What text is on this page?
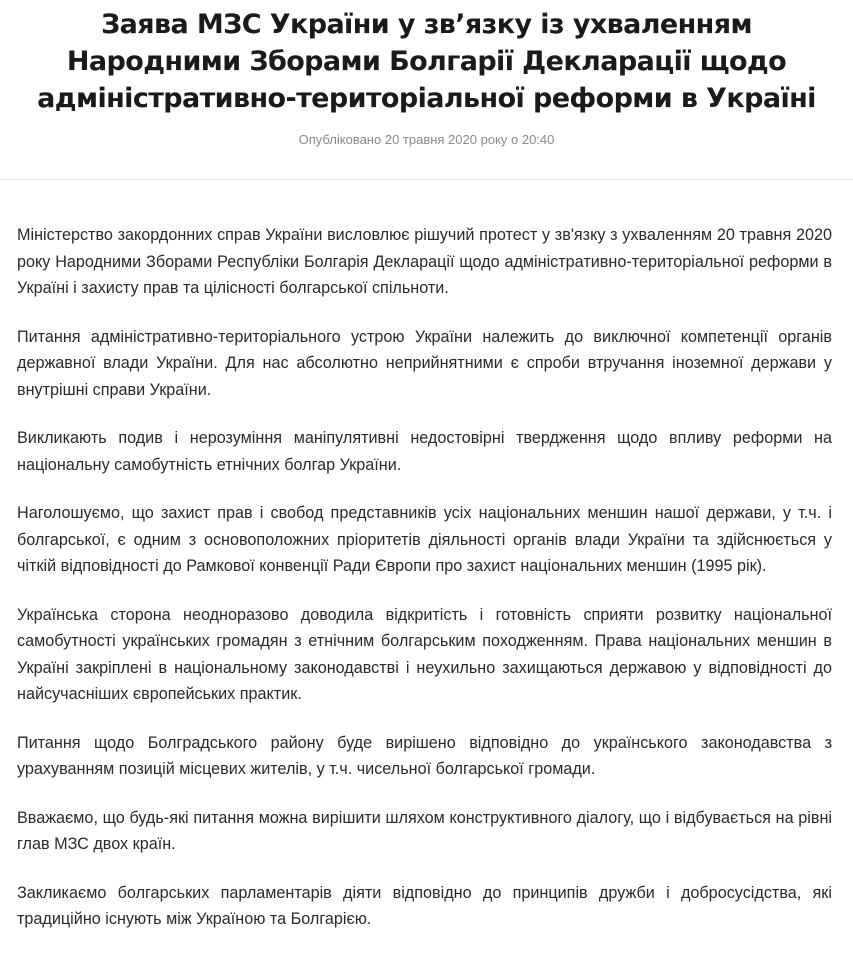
Заява МЗС України у зв’язку із ухваленням Народними Зборами Болгарії Декларації щодо адміністративно-територіальної реформи в Україні
Опубліковано 20 травня 2020 року о 20:40

Міністерство закордонних справ України висловлює рішучий протест у зв'язку з ухваленням 20 травня 2020 року Народними Зборами Республіки Болгарія Декларації щодо адміністративно-територіальної реформи в Україні і захисту прав та цілісності болгарської спільноти.

Питання адміністративно-територіального устрою України належить до виключної компетенції органів державної влади України. Для нас абсолютно неприйнятними є спроби втручання іноземної держави у внутрішні справи України.

Викликають подив і нерозуміння маніпулятивні недостовірні твердження щодо впливу реформи на національну самобутність етнічних болгар України.

Наголошуємо, що захист прав і свобод представників усіх національних меншин нашої держави, у т.ч. і болгарської, є одним з основоположних пріоритетів діяльності органів влади України та здійснюється у чіткій відповідності до Рамкової конвенції Ради Європи про захист національних меншин (1995 рік).

Українська сторона неодноразово доводила відкритість і готовність сприяти розвитку національної самобутності українських громадян з етнічним болгарським походженням. Права національних меншин в Україні закріплені в національному законодавстві і неухильно захищаються державою у відповідності до найсучасніших європейських практик.

Питання щодо Болградського району буде вирішено відповідно до українського законодавства з урахуванням позицій місцевих жителів, у т.ч. чисельної болгарської громади.

Вважаємо, що будь-які питання можна вирішити шляхом конструктивного діалогу, що і відбувається на рівні глав МЗС двох країн.

Закликаємо болгарських парламентарів діяти відповідно до принципів дружби і добросусідства, які традиційно існують між Україною та Болгарією.
